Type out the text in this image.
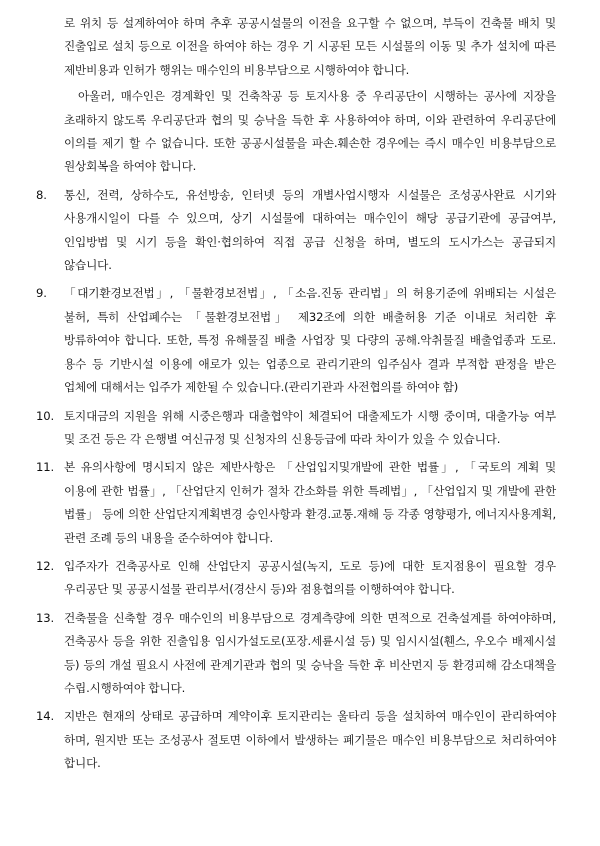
로 위치 등 설계하여야 하며 추후 공공시설물의 이전을 요구할 수 없으며, 부득이 건축물 배치 및 진출입로 설치 등으로 이전을 하여야 하는 경우 기 시공된 모든 시설물의 이동 및 추가 설치에 따른 제반비용과 인허가 행위는 매수인의 비용부담으로 시행하여야 합니다.

아울러, 매수인은 경계확인 및 건축착공 등 토지사용 중 우리공단이 시행하는 공사에 지장을 초래하지 않도록 우리공단과 협의 및 승낙을 득한 후 사용하여야 하며, 이와 관련하여 우리공단에 이의를 제기 할 수 없습니다. 또한 공공시설물을 파손.훼손한 경우에는 즉시 매수인 비용부담으로 원상회복을 하여야 합니다.

8.	통신, 전력, 상하수도, 유선방송, 인터넷 등의 개별사업시행자 시설물은 조성공사완료 시기와 사용개시일이 다를 수 있으며, 상기 시설물에 대하여는 매수인이 해당 공급기관에 공급여부, 인입방법 및 시기 등을 확인·협의하여 직접 공급 신청을 하며, 별도의 도시가스는 공급되지 않습니다.
9.	「대기환경보전법」, 「물환경보전법」, 「소음.진동 관리법」의 허용기준에 위배되는 시설은 불허, 특히 산업폐수는 「물환경보전법」 제32조에 의한 배출허용 기준 이내로 처리한 후 방류하여야 합니다. 또한, 특정 유해물질 배출 사업장 및 다량의 공해.악취물질 배출업종과 도로.용수 등 기반시설 이용에 애로가 있는 업종으로 관리기관의 입주심사 결과 부적합 판정을 받은 업체에 대해서는 입주가 제한될 수 있습니다.(관리기관과 사전협의를 하여야 함)
10. 토지대금의 지원을 위해 시중은행과 대출협약이 체결되어 대출제도가 시행 중이며, 대출가능 여부 및 조건 등은 각 은행별 여신규정 및 신청자의 신용등급에 따라 차이가 있을 수 있습니다.
11. 본 유의사항에 명시되지 않은 제반사항은 「산업입지및개발에 관한 법률」, 「국토의 계획 및 이용에 관한 법률」, 「산업단지 인허가 절차 간소화를 위한 특례법」, 「산업입지 및 개발에 관한 법률」 등에 의한 산업단지계획변경 승인사항과 환경.교통.재해 등 각종 영향평가, 에너지사용계획, 관련 조례 등의 내용을 준수하여야 합니다.
12. 입주자가 건축공사로 인해 산업단지 공공시설(녹지, 도로 등)에 대한 토지점용이 필요할 경우 우리공단 및 공공시설물 관리부서(경산시 등)와 점용협의를 이행하여야 합니다.
13. 건축물을 신축할 경우 매수인의 비용부담으로 경계측량에 의한 면적으로 건축설계를 하여야하며, 건축공사 등을 위한 진출입용 임시가설도로(포장.세륜시설 등) 및 임시시설(휀스, 우오수 배제시설 등) 등의 개설 필요시 사전에 관계기관과 협의 및 승낙을 득한 후 비산먼지 등 환경피해 감소대책을 수립.시행하여야 합니다.
14. 지반은 현재의 상태로 공급하며 계약이후 토지관리는 울타리 등을 설치하여 매수인이 관리하여야 하며, 원지반 또는 조성공사 절토면 이하에서 발생하는 폐기물은 매수인 비용부담으로 처리하여야 합니다.
